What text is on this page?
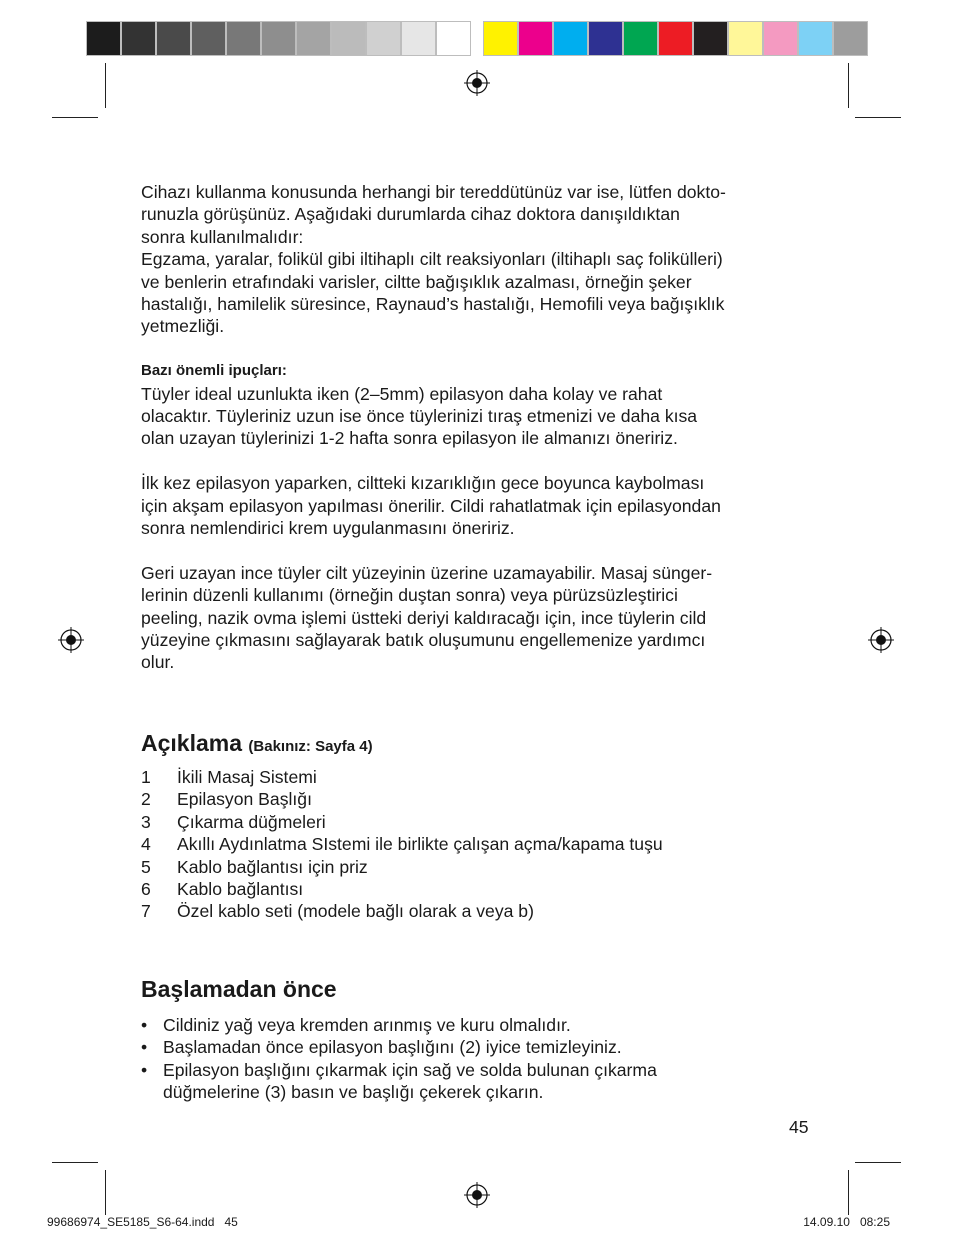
Cihazı kullanma konusunda herhangi bir tereddütünüz var ise, lütfen dokto-
runuzla görüşünüz. Aşağıdaki durumlarda cihaz doktora danışıldıktan
sonra kullanılmalıdır:
Egzama, yaralar, folikül gibi iltihaplı cilt reaksiyonları (iltihaplı saç folikülleri)
ve benlerin etrafındaki varisler, ciltte bağışıklık azalması, örneğin şeker
hastalığı, hamilelik süresince, Raynaud’s hastalığı, Hemofili veya bağışıklık
yetmezliği.

Bazı önemli ipuçları:
Tüyler ideal uzunlukta iken (2–5mm) epilasyon daha kolay ve rahat
olacaktır. Tüyleriniz uzun ise önce tüylerinizi tıraş etmenizi ve daha kısa
olan uzayan tüylerinizi 1-2 hafta sonra epilasyon ile almanızı öneririz.

İlk kez epilasyon yaparken, ciltteki kızarıklığın gece boyunca kaybolması
için akşam epilasyon yapılması önerilir. Cildi rahatlatmak için epilasyondan
sonra nemlendirici krem uygulanmasını öneririz.

Geri uzayan ince tüyler cilt yüzeyinin üzerine uzamayabilir. Masaj sünger-
lerinin düzenli kullanımı (örneğin duştan sonra) veya pürüzsüzleştirici
peeling, nazik ovma işlemi üstteki deriyi kaldıracağı için, ince tüylerin cild
yüzeyine çıkmasını sağlayarak batık oluşumunu engellemenize yardımcı
olur.

Açıklama (Bakınız: Sayfa 4)
1	İkili Masaj Sistemi
2	Epilasyon Başlığı
3	Çıkarma düğmeleri
4	Akıllı Aydınlatma SIstemi ile birlikte çalışan açma/kapama tuşu
5	Kablo bağlantısı için priz
6	Kablo bağlantısı
7	Özel kablo seti (modele bağlı olarak a veya b)
Başlamadan önce
• Cildiniz yağ veya kremden arınmış ve kuru olmalıdır.
• Başlamadan önce epilasyon başlığını (2) iyice temizleyiniz.
• Epilasyon başlığını çıkarmak için sağ ve solda bulunan çıkarma
düğmelerine (3) basın ve başlığı çekerek çıkarın.
45
99686974_SE5185_S6-64.indd   45	14.09.10   08:25
